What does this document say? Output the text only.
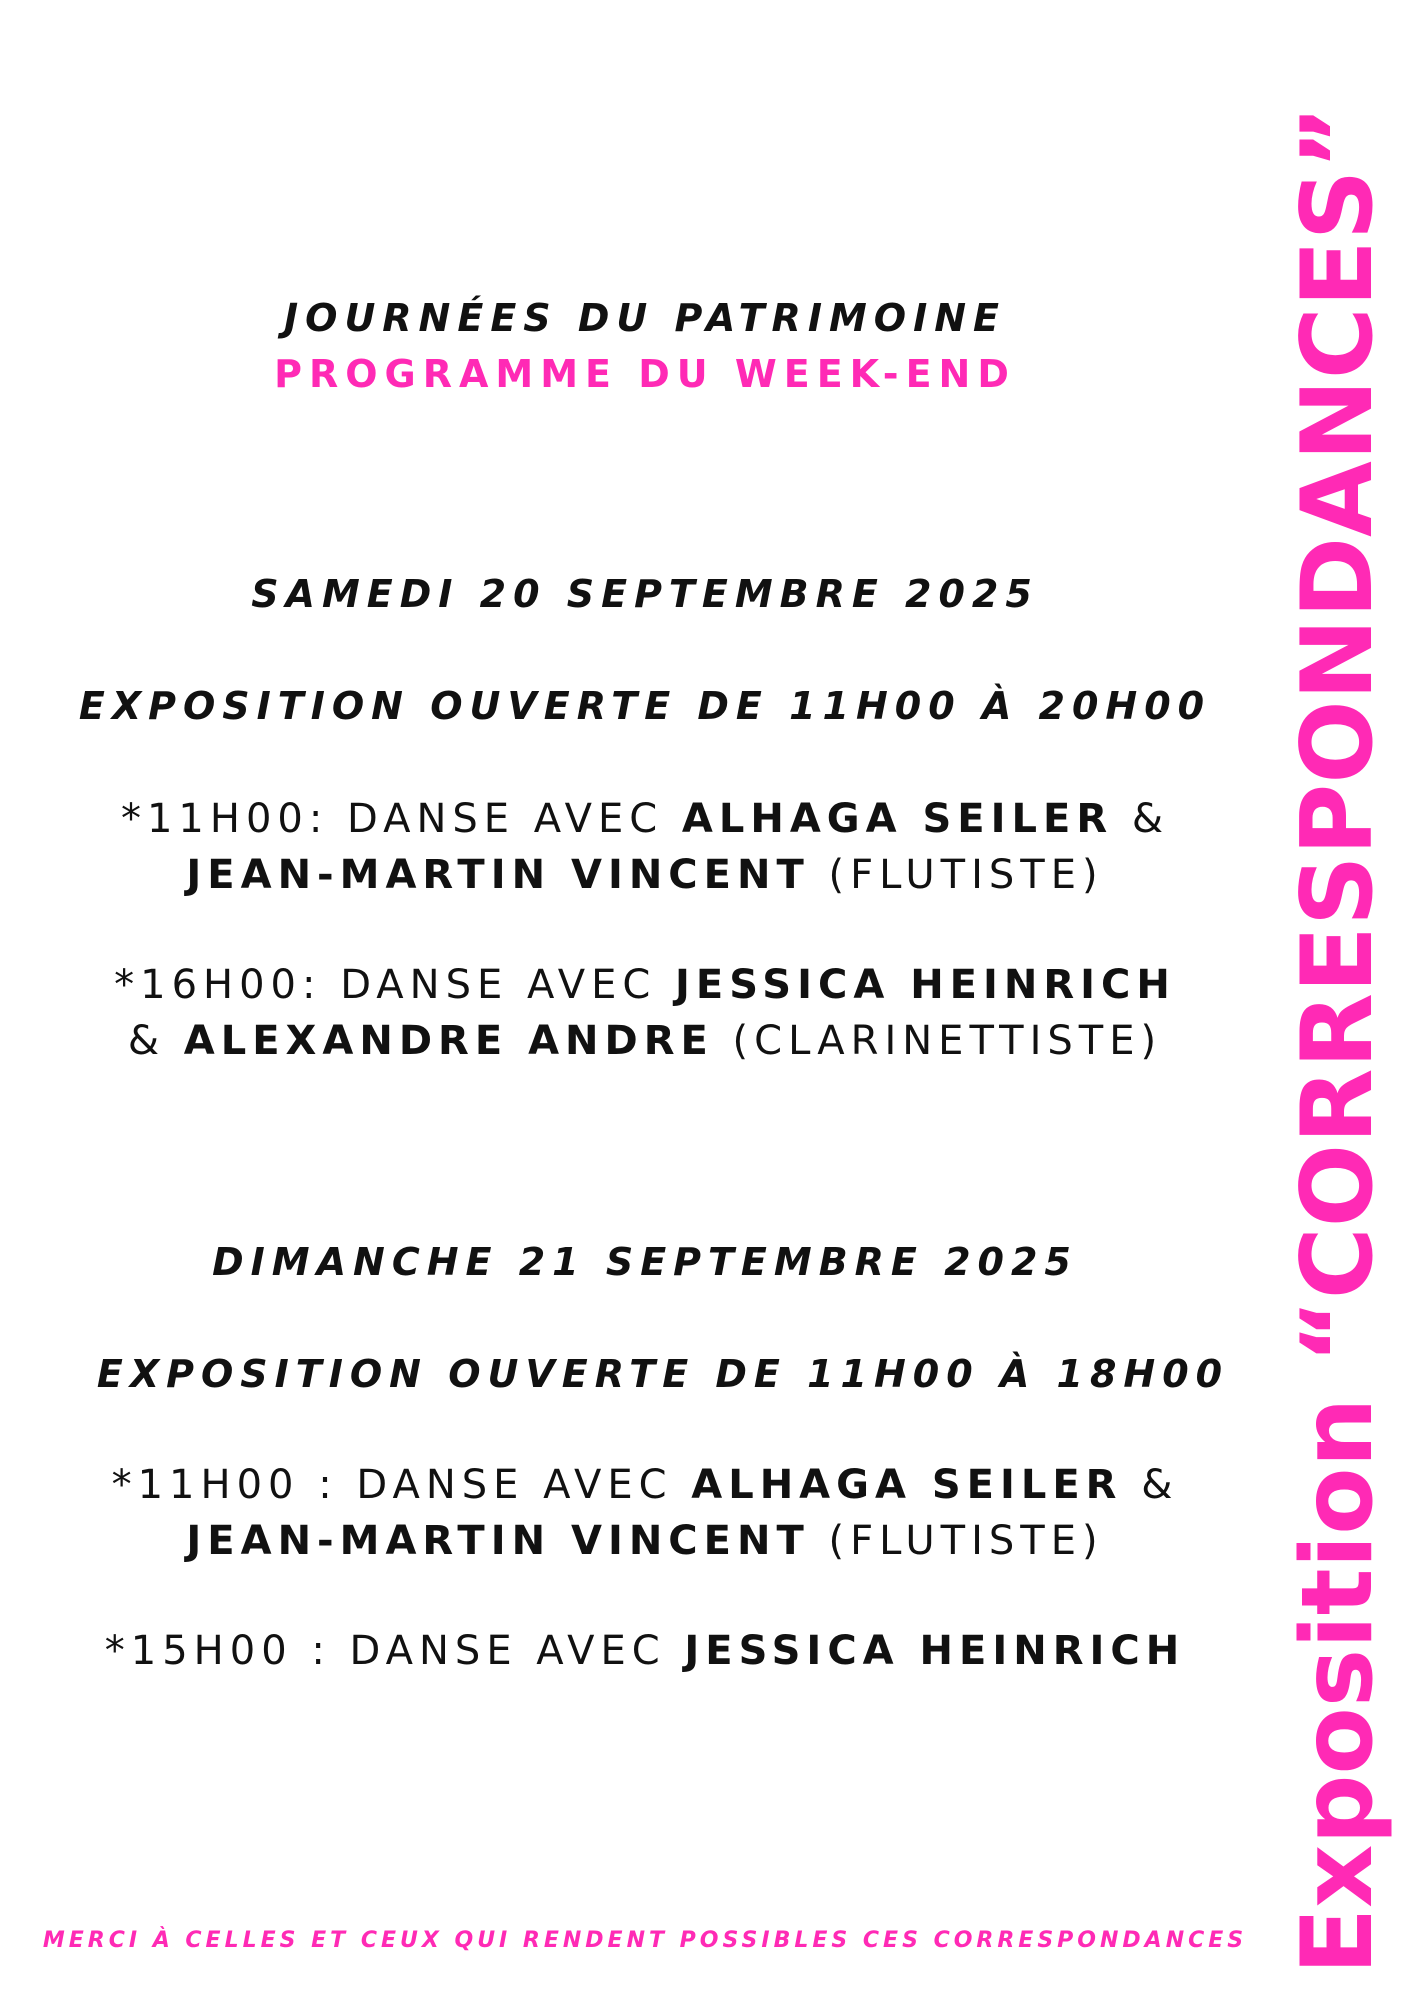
JOURNÉES DU PATRIMOINE
PROGRAMME DU WEEK-END
SAMEDI 20 SEPTEMBRE 2025
EXPOSITION OUVERTE DE 11H00 À 20H00
*11H00: DANSE AVEC ALHAGA SEILER &
JEAN-MARTIN VINCENT (FLUTISTE)
*16H00: DANSE AVEC JESSICA HEINRICH
& ALEXANDRE ANDRE (CLARINETTISTE)
DIMANCHE 21 SEPTEMBRE 2025
EXPOSITION OUVERTE DE 11H00 À 18H00
*11H00 : DANSE AVEC ALHAGA SEILER &
JEAN-MARTIN VINCENT (FLUTISTE)
*15H00 : DANSE AVEC JESSICA HEINRICH Exposition “CORRESPONDANCES”
MERCI À CELLES ET CEUX QUI RENDENT POSSIBLES CES CORRESPONDANCES
